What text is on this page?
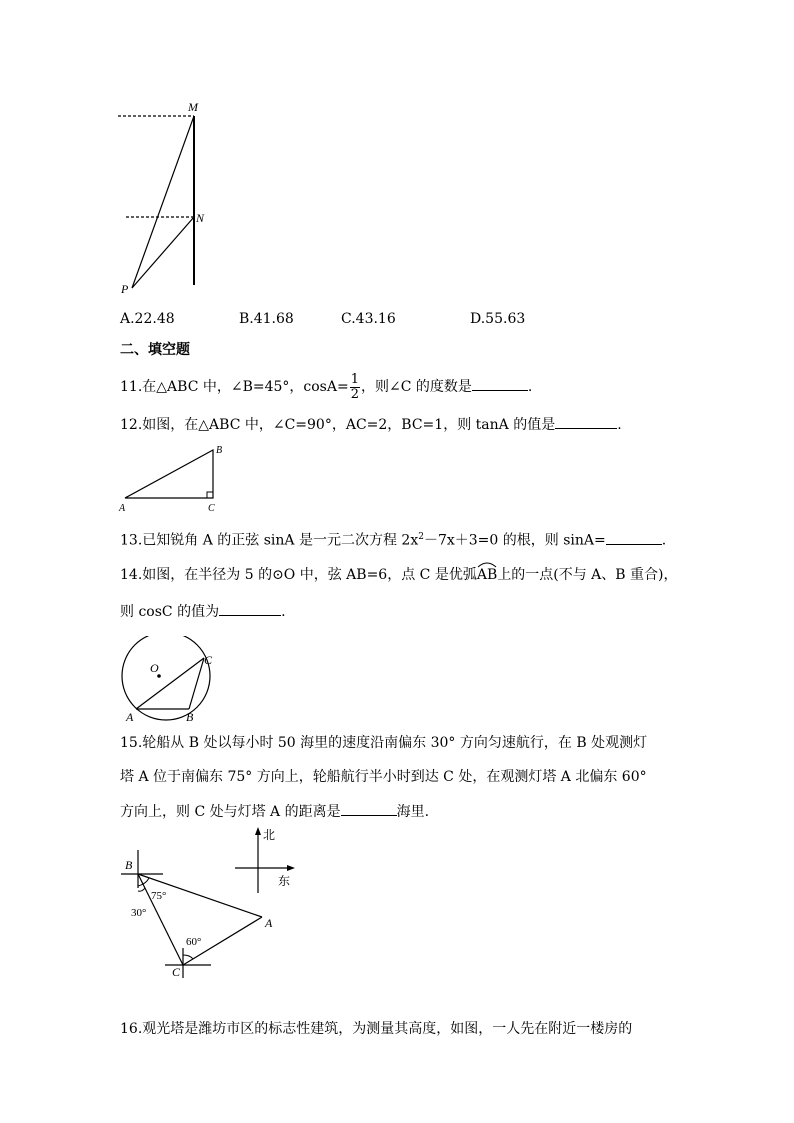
M
N
P
A.22.48	B.41.68	C.43.16	D.55.63
二、填空题
11.在△ABC 中，∠B=45°，$\cos A= \frac{1}{2}$ ，则∠C 的度数是	.
12.如图，在△ABC 中，∠C=90°，AC=2，BC=1，则 tanA 的值是	.
A
B
C
13.已知锐角 A 的正弦 sinA 是一元二次方程 $2x^2-7x+3=0$ 的根，则 sinA=	.
14.如图，在半径为 5 的⊙O 中，弦 AB=6，点 C 是优弧
AB上的一点(不与 A、B 重合)，
则 cosC 的值为	.
O
C
A	B
15.轮船从 B 处以每小时 50 海里的速度沿南偏东 30° 方向匀速航行，在 B 处观测灯
塔 A 位于南偏东 75° 方向上，轮船航行半小时到达 C 处，在观测灯塔 A 北偏东 60°
方向上，则 C 处与灯塔 A 的距离是	海里.
北
东
B
A
C
75°
30°
60°
16.观光塔是潍坊市区的标志性建筑，为测量其高度，如图，一人先在附近一楼房的
